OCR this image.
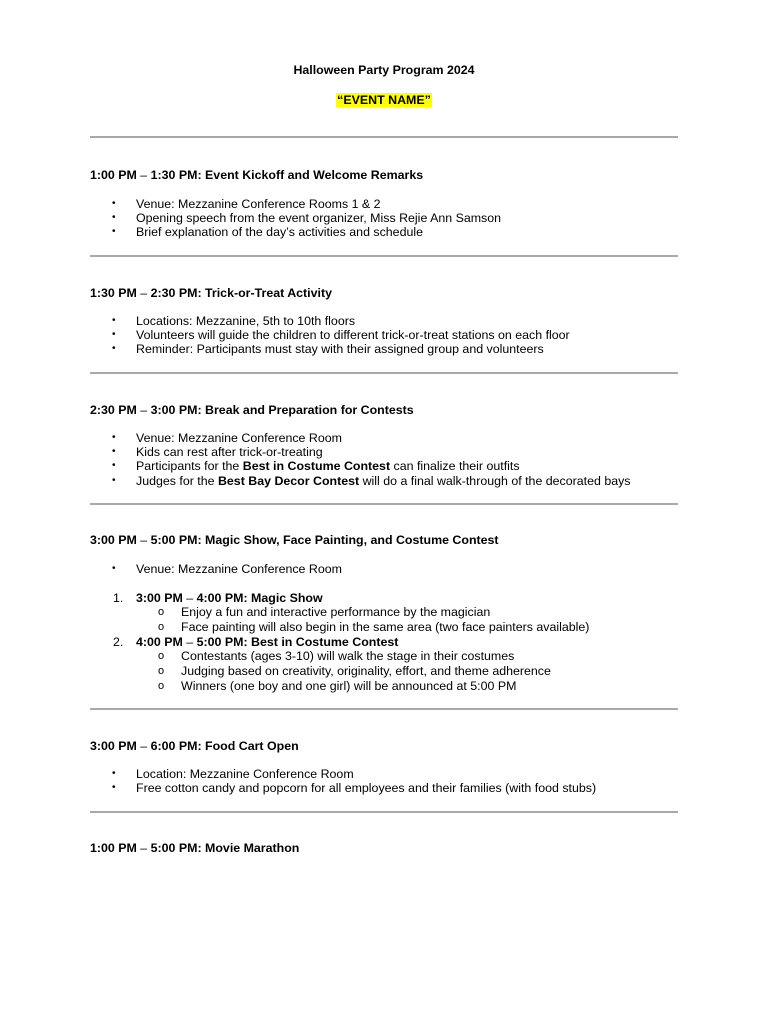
Halloween Party Program 2024
“EVENT NAME”
1:00 PM – 1:30 PM: Event Kickoff and Welcome Remarks
• Venue: Mezzanine Conference Rooms 1 & 2
• Opening speech from the event organizer, Miss Rejie Ann Samson
• Brief explanation of the day’s activities and schedule
1:30 PM – 2:30 PM: Trick-or-Treat Activity
• Locations: Mezzanine, 5th to 10th floors
• Volunteers will guide the children to different trick-or-treat stations on each floor
• Reminder: Participants must stay with their assigned group and volunteers
2:30 PM – 3:00 PM: Break and Preparation for Contests
• Venue: Mezzanine Conference Room
• Kids can rest after trick-or-treating
• Participants for the Best in Costume Contest can finalize their outfits
• Judges for the Best Bay Decor Contest will do a final walk-through of the decorated bays
3:00 PM – 5:00 PM: Magic Show, Face Painting, and Costume Contest
• Venue: Mezzanine Conference Room
1. 3:00 PM – 4:00 PM: Magic Show
o Enjoy a fun and interactive performance by the magician
o Face painting will also begin in the same area (two face painters available)
2. 4:00 PM – 5:00 PM: Best in Costume Contest
o Contestants (ages 3-10) will walk the stage in their costumes
o Judging based on creativity, originality, effort, and theme adherence
o Winners (one boy and one girl) will be announced at 5:00 PM
3:00 PM – 6:00 PM: Food Cart Open
• Location: Mezzanine Conference Room
• Free cotton candy and popcorn for all employees and their families (with food stubs)
1:00 PM – 5:00 PM: Movie Marathon
